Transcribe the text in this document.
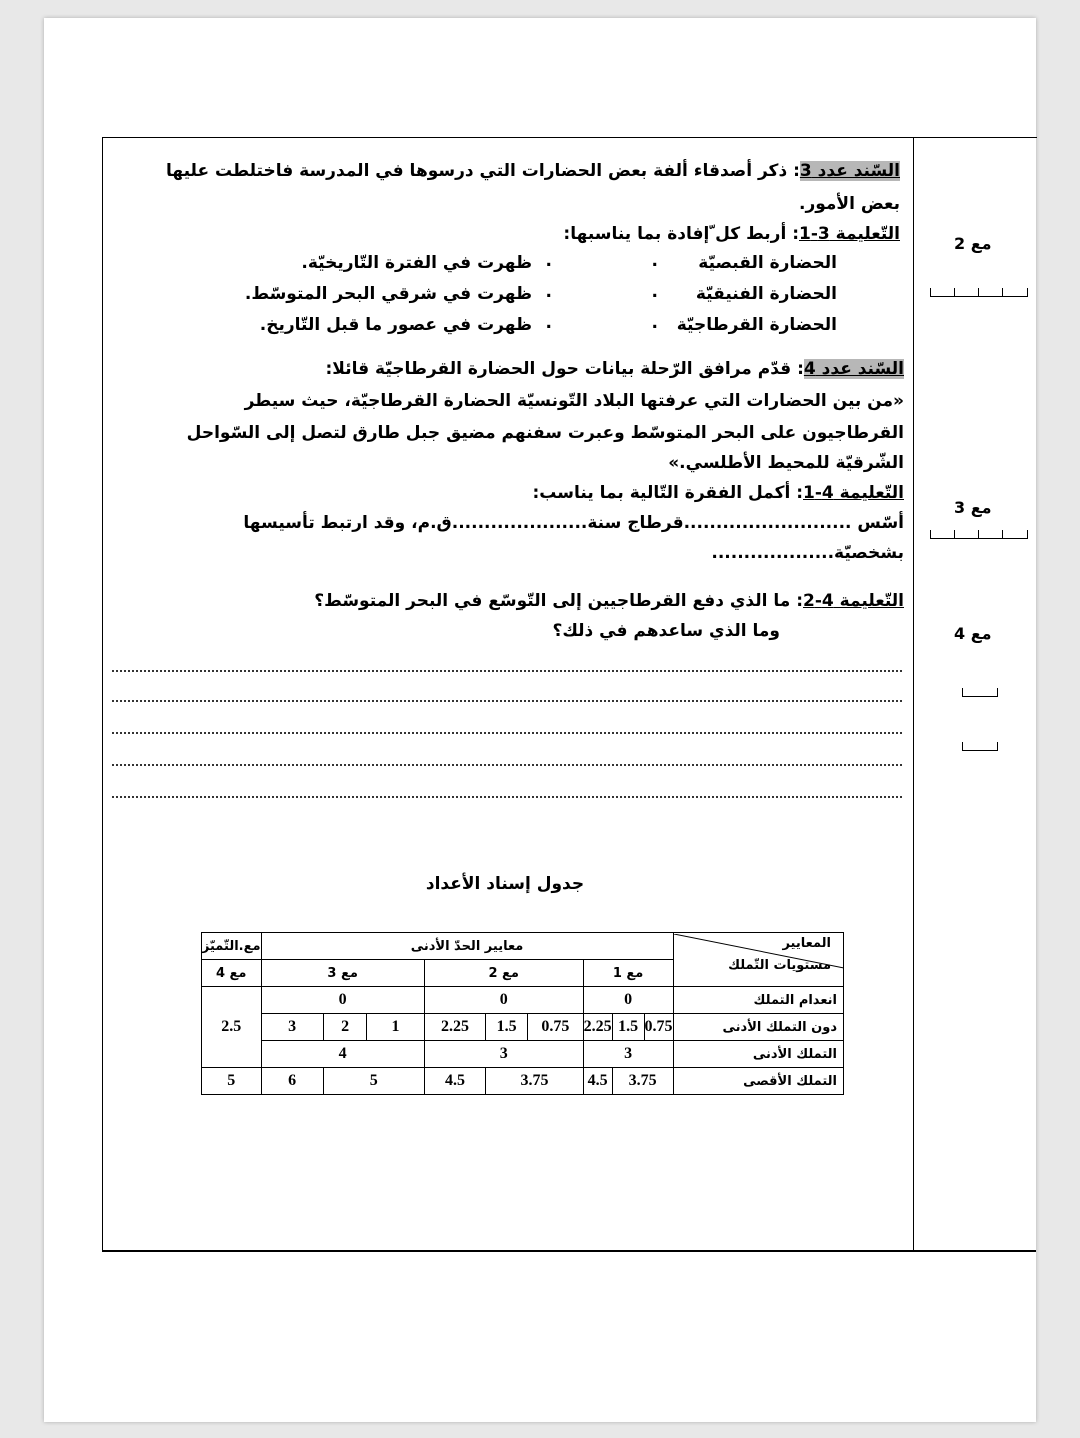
السّند عدد 3: ذكر أصدقاء ألفة بعض الحضارات التي درسوها في المدرسة فاختلطت عليها
بعض الأمور.
التّعليمة 3-1: أربط كل ّإفادة بما يناسبها:
الحضارة القبصيّة
.
.
ظهرت في الفترة التّاريخيّة.
الحضارة الفنيقيّة
.
.
ظهرت في شرقي البحر المتوسّط.
الحضارة القرطاجيّة
.
.
ظهرت في عصور ما قبل التّاريخ.
السّند عدد 4: قدّم مرافق الرّحلة بيانات حول الحضارة القرطاجيّة قائلا:
«من بين الحضارات التي عرفتها البلاد التّونسيّة الحضارة القرطاجيّة، حيث سيطر
القرطاجيون على البحر المتوسّط وعبرت سفنهم مضيق جبل طارق لتصل إلى السّواحل
الشّرقيّة للمحيط الأطلسي.»
التّعليمة 4-1: أكمل الفقرة التّالية بما يناسب:
أسّس ..........................قرطاج سنة.....................ق.م، وقد ارتبط تأسيسها
بشخصيّة...................
التّعليمة 4-2: ما الذي دفع القرطاجيين إلى التّوسّع في البحر المتوسّط؟
وما الذي ساعدهم في ذلك؟
مع 2
مع 3
مع 4
جدول إسناد الأعداد
المعايير
مستويات التّملك	معايير الحدّ الأدنى									مع.التّميّز
	مع 1			مع 2			مع 3			مع 4
انعدام التملك	0			0			0			2.5
دون التملك الأدنى	0.75	1.5	2.25	0.75	1.5	2.25	1	2	3	
التملك الأدنى	3			3			4			
التملك الأقصى	3.75		4.5	3.75		4.5	5		6	5
